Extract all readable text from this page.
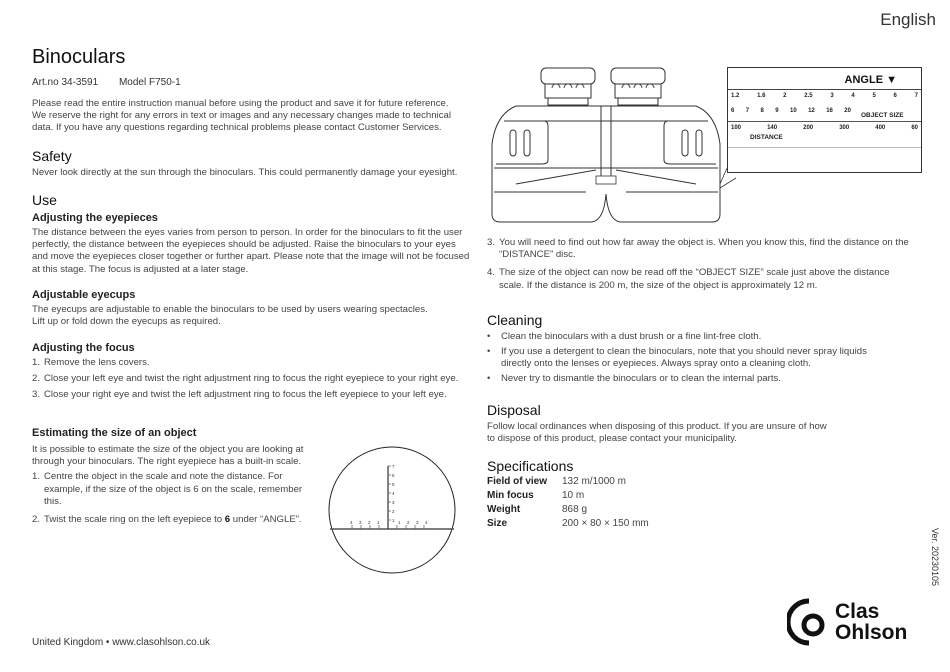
English
Binoculars
Art.no 34-3591 Model F750-1

Please read the entire instruction manual before using the product and save it for future reference. We reserve the right for any errors in text or images and any necessary changes made to technical data. If you have any questions regarding technical problems please contact Customer Services.

Safety

Never look directly at the sun through the binoculars. This could permanently damage your eyesight.

Use
Adjusting the eyepieces

The distance between the eyes varies from person to person. In order for the binoculars to fit the user perfectly, the distance between the eyepieces should be adjusted. Raise the binoculars to your eyes and move the eyepieces closer together or further apart. Please note that the image will not be focused at this stage. The focus is adjusted at a later stage.

Adjustable eyecups

The eyecups are adjustable to enable the binoculars to be used by users wearing spectacles. Lift up or fold down the eyecups as required.

Adjusting the focus
1. Remove the lens covers.
2. Close your left eye and twist the right adjustment ring to focus the right eyepiece to your right eye.
3. Close your right eye and twist the left adjustment ring to focus the left eyepiece to your left eye.
Estimating the size of an object

It is possible to estimate the size of the object you are looking at through your binoculars. The right eyepiece has a built-in scale.

1. Centre the object in the scale and note the distance. For example, if the size of the object is 6 on the scale, remember this.
2. Twist the scale ring on the left eyepiece to 6 under “ANGLE”.	1
2
3
4
5
6
7
4 3 2 1	1 2 3 4
ANGLE ▼
1.2	1.6	2	2.5	3	4	5	6	7
6 7 8 9 10 12 16 20
OBJECT SIZE
100	140	200	300	400	60
DISTANCE
3. You will need to find out how far away the object is. When you know this, find the distance on the “DISTANCE” disc.
4. The size of the object can now be read off the “OBJECT SIZE” scale just above the distance scale. If the distance is 200 m, the size of the object is approximately 12 m.
Cleaning
•	Clean the binoculars with a dust brush or a fine lint-free cloth.
•	If you use a detergent to clean the binoculars, note that you should never spray liquids directly onto the lenses or eyepieces. Always spray onto a cleaning cloth.
•	Never try to dismantle the binoculars or to clean the internal parts.
Disposal

Follow local ordinances when disposing of this product. If you are unsure of how to dispose of this product, please contact your municipality.

Specifications
Field of view	132 m/1000 m
Min focus	10 m
Weight	868 g
Size	200 × 80 × 150 mm
Ver. 20230105
Clas
Ohlson
United Kingdom • www.clasohlson.co.uk
